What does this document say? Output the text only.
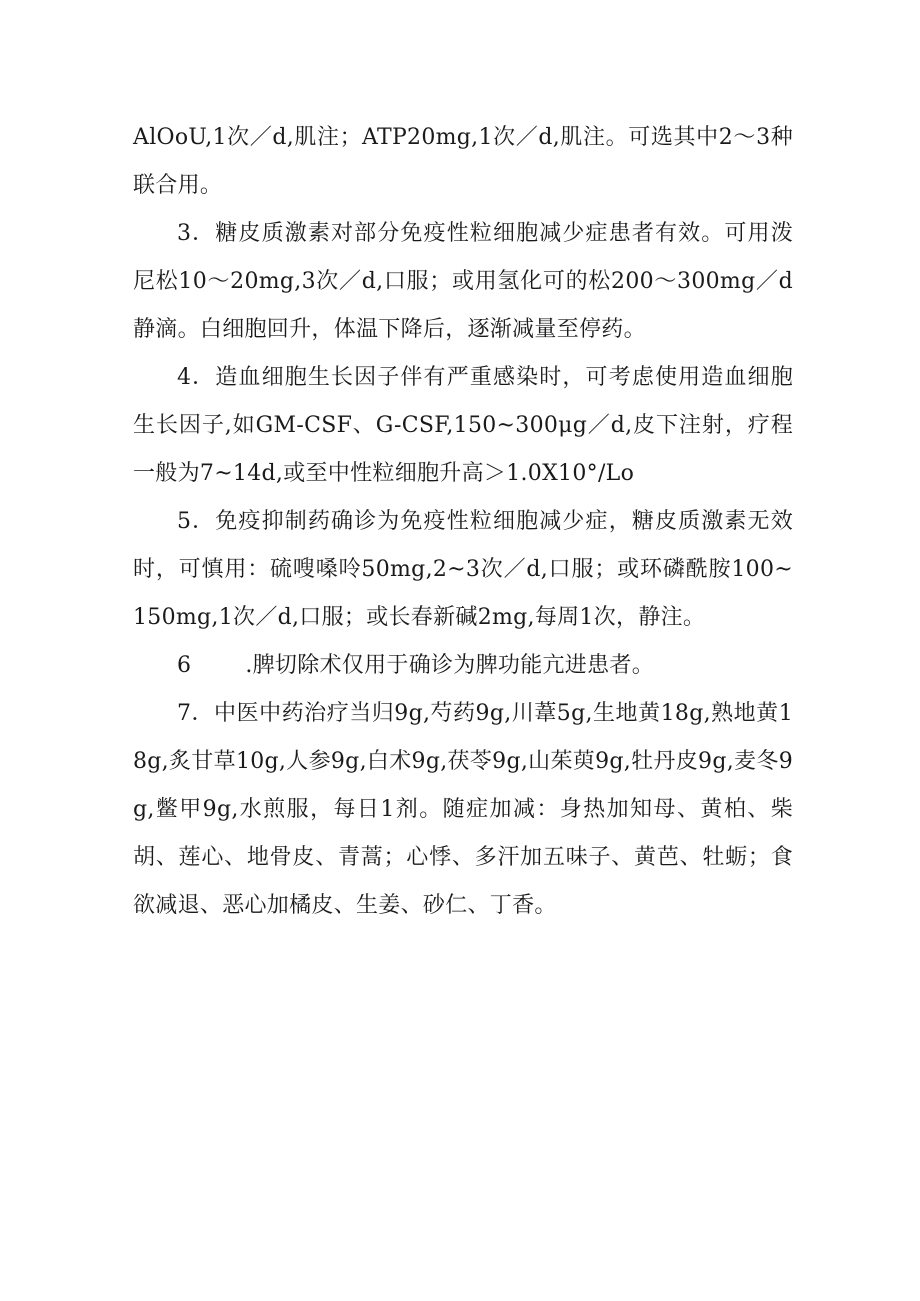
AlOoU,1次／d,肌注；ATP20mg,1次／d,肌注。可选其中2～3种联合用。

3．糖皮质激素对部分免疫性粒细胞减少症患者有效。可用泼尼松10～20mg,3次／d,口服；或用氢化可的松200～300mg／d静滴。白细胞回升，体温下降后，逐渐减量至停药。

4．造血细胞生长因子伴有严重感染时，可考虑使用造血细胞生长因子,如GM-CSF、G-CSF,150~300μg／d,皮下注射，疗程一般为7~14d,或至中性粒细胞升高＞1.0X10°/Lo

5．免疫抑制药确诊为免疫性粒细胞减少症，糖皮质激素无效时，可慎用：硫嗖嗓呤50mg,2~3次／d,口服；或环磷酰胺100~150mg,1次／d,口服；或长春新碱2mg,每周1次，静注。

6 .脾切除术仅用于确诊为脾功能亢进患者。

7．中医中药治疗当归9g,芍药9g,川葦5g,生地黄18g,熟地黄18g,炙甘草10g,人参9g,白术9g,茯苓9g,山茱萸9g,牡丹皮9g,麦冬9g,鳖甲9g,水煎服，每日1剂。随症加减：身热加知母、黄柏、柴胡、莲心、地骨皮、青蒿；心悸、多汗加五味子、黄芭、牡蛎；食欲减退、恶心加橘皮、生姜、砂仁、丁香。
